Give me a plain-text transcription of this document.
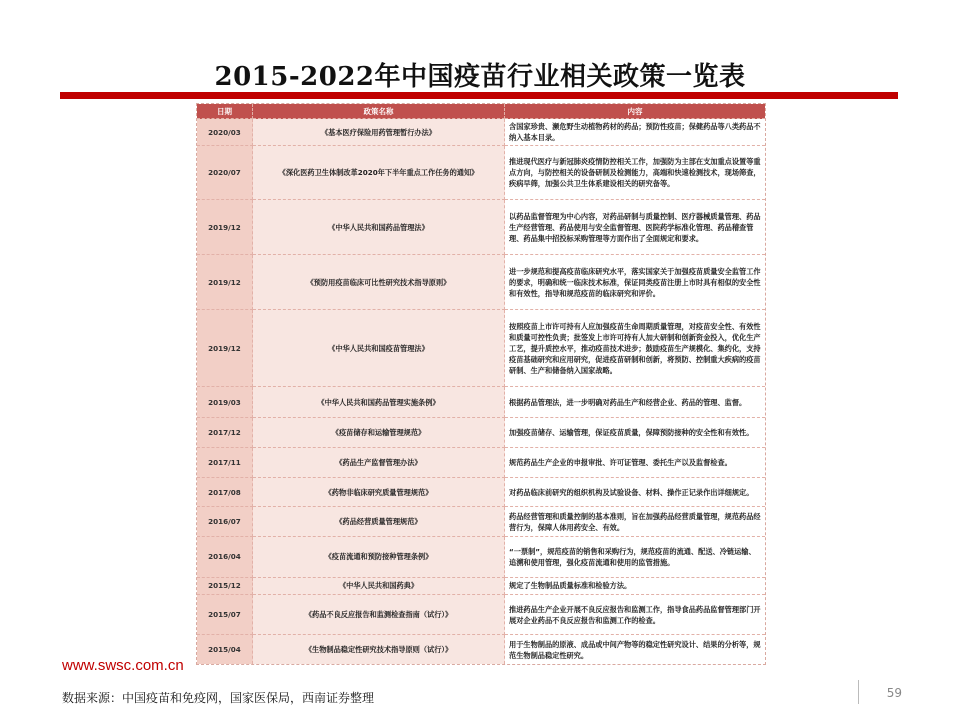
2015-2022年中国疫苗行业相关政策一览表
日期	政策名称	内容
2020/03	《基本医疗保险用药管理暂行办法》	含国家珍贵、濒危野生动植物药材的药品；预防性疫苗；保健药品等八类药品不纳入基本目录。
2020/07	《深化医药卫生体制改革2020年下半年重点工作任务的通知》	推进现代医疗与新冠肺炎疫情防控相关工作，加强防为主部在支加重点设置等重点方向，与防控相关的设备研制及检测能力，高端和快速检测技术，现场筛查，疾病早筛，加强公共卫生体系建设相关的研究备等。
2019/12	《中华人民共和国药品管理法》	以药品监督管理为中心内容，对药品研制与质量控制、医疗器械质量管理、药品生产经营管理、药品使用与安全监督管理、医院药学标准化管理、药品稽查管理、药品集中招投标采购管理等方面作出了全面规定和要求。
2019/12	《预防用疫苗临床可比性研究技术指导原则》	进一步规范和提高疫苗临床研究水平，落实国家关于加强疫苗质量安全监管工作的要求，明确和统一临床技术标准，保证同类疫苗注册上市时具有相似的安全性和有效性，指导和规范疫苗的临床研究和评价。
2019/12	《中华人民共和国疫苗管理法》	按照疫苗上市许可持有人应加强疫苗生命周期质量管理，对疫苗安全性、有效性和质量可控性负责；批签发上市许可持有人加大研制和创新资金投入，优化生产工艺，提升质控水平，推动疫苗技术进步；鼓励疫苗生产规模化、集约化，支持疫苗基础研究和应用研究，促进疫苗研制和创新，将预防、控制重大疾病的疫苗研制、生产和储备纳入国家战略。
2019/03	《中华人民共和国药品管理实施条例》	根据药品管理法，进一步明确对药品生产和经营企业、药品的管理、监督。
2017/12	《疫苗储存和运输管理规范》	加强疫苗储存、运输管理，保证疫苗质量，保障预防接种的安全性和有效性。
2017/11	《药品生产监督管理办法》	规范药品生产企业的申报审批、许可证管理、委托生产以及监督检查。
2017/08	《药物非临床研究质量管理规范》	对药品临床前研究的组织机构及试验设备、材料、操作正记录作出详细规定。
2016/07	《药品经营质量管理规范》	药品经营管理和质量控制的基本准则，旨在加强药品经营质量管理，规范药品经营行为，保障人体用药安全、有效。
2016/04	《疫苗流通和预防接种管理条例》	“一票制”，规范疫苗的销售和采购行为，规范疫苗的流通、配送、冷链运输、追溯和使用管理，强化疫苗流通和使用的监管措施。
2015/12	《中华人民共和国药典》	规定了生物制品质量标准和检验方法。
2015/07	《药品不良反应报告和监测检查指南（试行）》	推进药品生产企业开展不良反应报告和监测工作，指导食品药品监督管理部门开展对企业药品不良反应报告和监测工作的检查。
2015/04	《生物制品稳定性研究技术指导原则（试行）》	用于生物制品的原液、成品或中间产物等的稳定性研究设计、结果的分析等，规范生物制品稳定性研究。
www.swsc.com.cn
数据来源：中国疫苗和免疫网，国家医保局，西南证券整理	59
